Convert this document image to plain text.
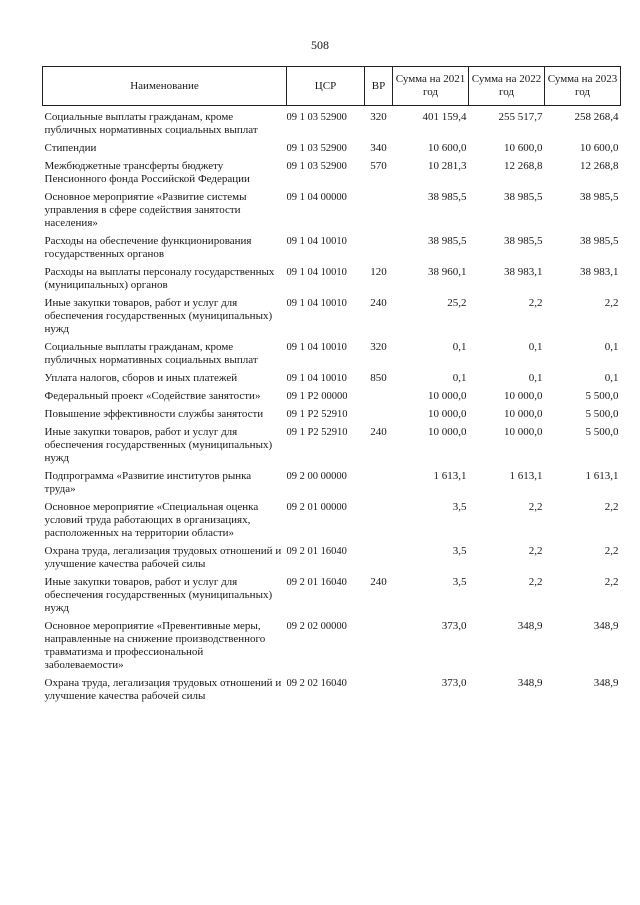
508
Наименование	ЦСР	ВР	Сумма на 2021 год	Сумма на 2022 год	Сумма на 2023 год
Социальные выплаты гражданам, кроме публичных нормативных социальных выплат	09 1 03 52900	320	401 159,4	255 517,7	258 268,4
Стипендии	09 1 03 52900	340	10 600,0	10 600,0	10 600,0
Межбюджетные трансферты бюджету Пенсионного фонда Российской Федерации	09 1 03 52900	570	10 281,3	12 268,8	12 268,8
Основное мероприятие «Развитие системы управления в сфере содействия занятости населения»	09 1 04 00000		38 985,5	38 985,5	38 985,5
Расходы на обеспечение функционирования государственных органов	09 1 04 10010		38 985,5	38 985,5	38 985,5
Расходы на выплаты персоналу государственных (муниципальных) органов	09 1 04 10010	120	38 960,1	38 983,1	38 983,1
Иные закупки товаров, работ и услуг для обеспечения государственных (муниципальных) нужд	09 1 04 10010	240	25,2	2,2	2,2
Социальные выплаты гражданам, кроме публичных нормативных социальных выплат	09 1 04 10010	320	0,1	0,1	0,1
Уплата налогов, сборов и иных платежей	09 1 04 10010	850	0,1	0,1	0,1
Федеральный проект «Содействие занятости»	09 1 P2 00000		10 000,0	10 000,0	5 500,0
Повышение эффективности службы занятости	09 1 P2 52910		10 000,0	10 000,0	5 500,0
Иные закупки товаров, работ и услуг для обеспечения государственных (муниципальных) нужд	09 1 P2 52910	240	10 000,0	10 000,0	5 500,0
Подпрограмма «Развитие институтов рынка труда»	09 2 00 00000		1 613,1	1 613,1	1 613,1
Основное мероприятие «Специальная оценка условий труда работающих в организациях, расположенных на территории области»	09 2 01 00000		3,5	2,2	2,2
Охрана труда, легализация трудовых отношений и улучшение качества рабочей силы	09 2 01 16040		3,5	2,2	2,2
Иные закупки товаров, работ и услуг для обеспечения государственных (муниципальных) нужд	09 2 01 16040	240	3,5	2,2	2,2
Основное мероприятие «Превентивные меры, направленные на снижение производственного травматизма и профессиональной заболеваемости»	09 2 02 00000		373,0	348,9	348,9
Охрана труда, легализация трудовых отношений и улучшение качества рабочей силы	09 2 02 16040		373,0	348,9	348,9
